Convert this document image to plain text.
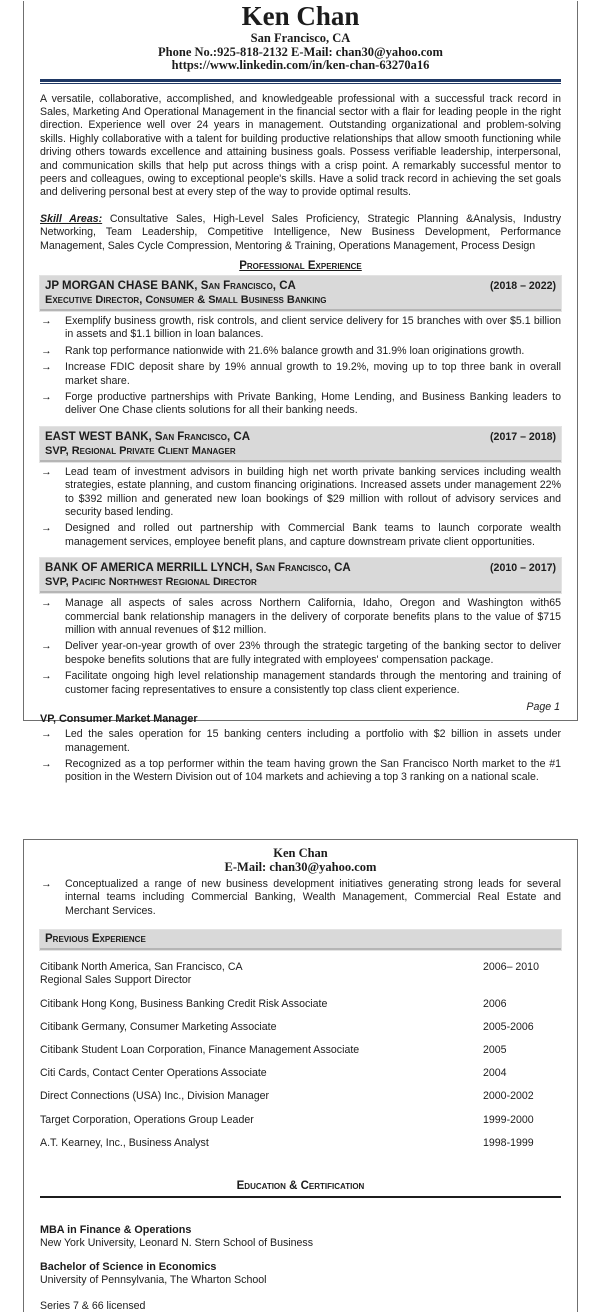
Ken Chan
San Francisco, CA
Phone No.:925-818-2132 E-Mail: chan30@yahoo.com
https://www.linkedin.com/in/ken-chan-63270a16
A versatile, collaborative, accomplished, and knowledgeable professional with a successful track record in Sales, Marketing And Operational Management in the financial sector with a flair for leading people in the right direction. Experience well over 24 years in management. Outstanding organizational and problem-solving skills. Highly collaborative with a talent for building productive relationships that allow smooth functioning while driving others towards excellence and attaining business goals. Possess verifiable leadership, interpersonal, and communication skills that help put across things with a crisp point. A remarkably successful mentor to peers and colleagues, owing to exceptional people's skills. Have a solid track record in achieving the set goals and delivering personal best at every step of the way to provide optimal results.
Skill Areas: Consultative Sales, High-Level Sales Proficiency, Strategic Planning &Analysis, Industry Networking, Team Leadership, Competitive Intelligence, New Business Development, Performance Management, Sales Cycle Compression, Mentoring & Training, Operations Management, Process Design
Professional Experience
JP MORGAN CHASE BANK, San Francisco, CA	(2018 – 2022)
Executive Director, Consumer & Small Business Banking
→ Exemplify business growth, risk controls, and client service delivery for 15 branches with over $5.1 billion in assets and $1.1 billion in loan balances.
→ Rank top performance nationwide with 21.6% balance growth and 31.9% loan originations growth.
→ Increase FDIC deposit share by 19% annual growth to 19.2%, moving up to top three bank in overall market share.
→ Forge productive partnerships with Private Banking, Home Lending, and Business Banking leaders to deliver One Chase clients solutions for all their banking needs.
EAST WEST BANK, San Francisco, CA	(2017 – 2018)
SVP, Regional Private Client Manager
→ Lead team of investment advisors in building high net worth private banking services including wealth strategies, estate planning, and custom financing originations. Increased assets under management 22% to $392 million and generated new loan bookings of $29 million with rollout of advisory services and security based lending.
→ Designed and rolled out partnership with Commercial Bank teams to launch corporate wealth management services, employee benefit plans, and capture downstream private client opportunities.
BANK OF AMERICA MERRILL LYNCH, San Francisco, CA	(2010 – 2017)
SVP, Pacific Northwest Regional Director
→ Manage all aspects of sales across Northern California, Idaho, Oregon and Washington with65 commercial bank relationship managers in the delivery of corporate benefits plans to the value of $715 million with annual revenues of $12 million.
→ Deliver year-on-year growth of over 23% through the strategic targeting of the banking sector to deliver bespoke benefits solutions that are fully integrated with employees' compensation package.
→ Facilitate ongoing high level relationship management standards through the mentoring and training of customer facing representatives to ensure a consistently top class client experience.
VP, Consumer Market Manager
→ Led the sales operation for 15 banking centers including a portfolio with $2 billion in assets under management.
→ Recognized as a top performer within the team having grown the San Francisco North market to the #1 position in the Western Division out of 104 markets and achieving a top 3 ranking on a national scale.
Page 1
Ken Chan
E-Mail: chan30@yahoo.com
→ Conceptualized a range of new business development initiatives generating strong leads for several internal teams including Commercial Banking, Wealth Management, Commercial Real Estate and Merchant Services.
Previous Experience
Citibank North America, San Francisco, CA
Regional Sales Support Director
2006– 2010
Citibank Hong Kong, Business Banking Credit Risk Associate	2006
Citibank Germany, Consumer Marketing Associate	2005-2006
Citibank Student Loan Corporation, Finance Management Associate	2005
Citi Cards, Contact Center Operations Associate	2004
Direct Connections (USA) Inc., Division Manager	2000-2002
Target Corporation, Operations Group Leader	1999-2000
A.T. Kearney, Inc., Business Analyst	1998-1999
Education & Certification
MBA in Finance & Operations
New York University, Leonard N. Stern School of Business
Bachelor of Science in Economics
University of Pennsylvania, The Wharton School
Series 7 & 66 licensed
